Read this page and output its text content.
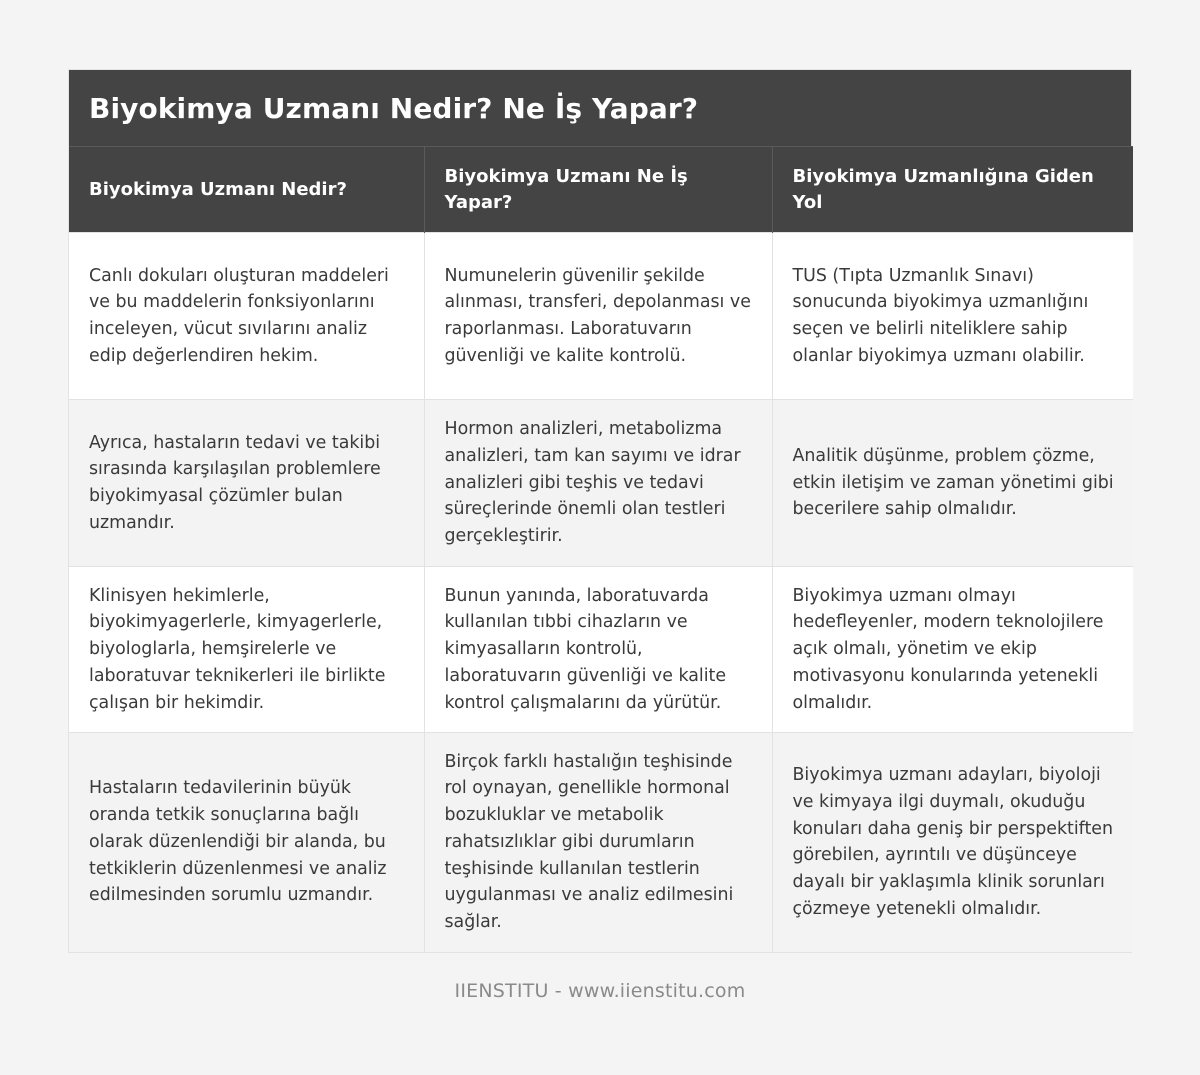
Biyokimya Uzmanı Nedir? Ne İş Yapar?
Biyokimya Uzmanı Nedir?	Biyokimya Uzmanı Ne İş Yapar?	Biyokimya Uzmanlığına Giden Yol
Canlı dokuları oluşturan maddeleri ve bu maddelerin fonksiyonlarını inceleyen, vücut sıvılarını analiz edip değerlendiren hekim.	Numunelerin güvenilir şekilde alınması, transferi, depolanması ve raporlanması. Laboratuvarın güvenliği ve kalite kontrolü.	TUS (Tıpta Uzmanlık Sınavı) sonucunda biyokimya uzmanlığını seçen ve belirli niteliklere sahip olanlar biyokimya uzmanı olabilir.
Ayrıca, hastaların tedavi ve takibi sırasında karşılaşılan problemlere biyokimyasal çözümler bulan uzmandır.	Hormon analizleri, metabolizma analizleri, tam kan sayımı ve idrar analizleri gibi teşhis ve tedavi süreçlerinde önemli olan testleri gerçekleştirir.	Analitik düşünme, problem çözme, etkin iletişim ve zaman yönetimi gibi becerilere sahip olmalıdır.
Klinisyen hekimlerle, biyokimyagerlerle, kimyagerlerle, biyologlarla, hemşirelerle ve laboratuvar teknikerleri ile birlikte çalışan bir hekimdir.	Bunun yanında, laboratuvarda kullanılan tıbbi cihazların ve kimyasalların kontrolü, laboratuvarın güvenliği ve kalite kontrol çalışmalarını da yürütür.	Biyokimya uzmanı olmayı hedefleyenler, modern teknolojilere açık olmalı, yönetim ve ekip motivasyonu konularında yetenekli olmalıdır.
Hastaların tedavilerinin büyük oranda tetkik sonuçlarına bağlı olarak düzenlendiği bir alanda, bu tetkiklerin düzenlenmesi ve analiz edilmesinden sorumlu uzmandır.	Birçok farklı hastalığın teşhisinde rol oynayan, genellikle hormonal bozukluklar ve metabolik rahatsızlıklar gibi durumların teşhisinde kullanılan testlerin uygulanması ve analiz edilmesini sağlar.	Biyokimya uzmanı adayları, biyoloji ve kimyaya ilgi duymalı, okuduğu konuları daha geniş bir perspektiften görebilen, ayrıntılı ve düşünceye dayalı bir yaklaşımla klinik sorunları çözmeye yetenekli olmalıdır.
IIENSTITU - www.iienstitu.com
